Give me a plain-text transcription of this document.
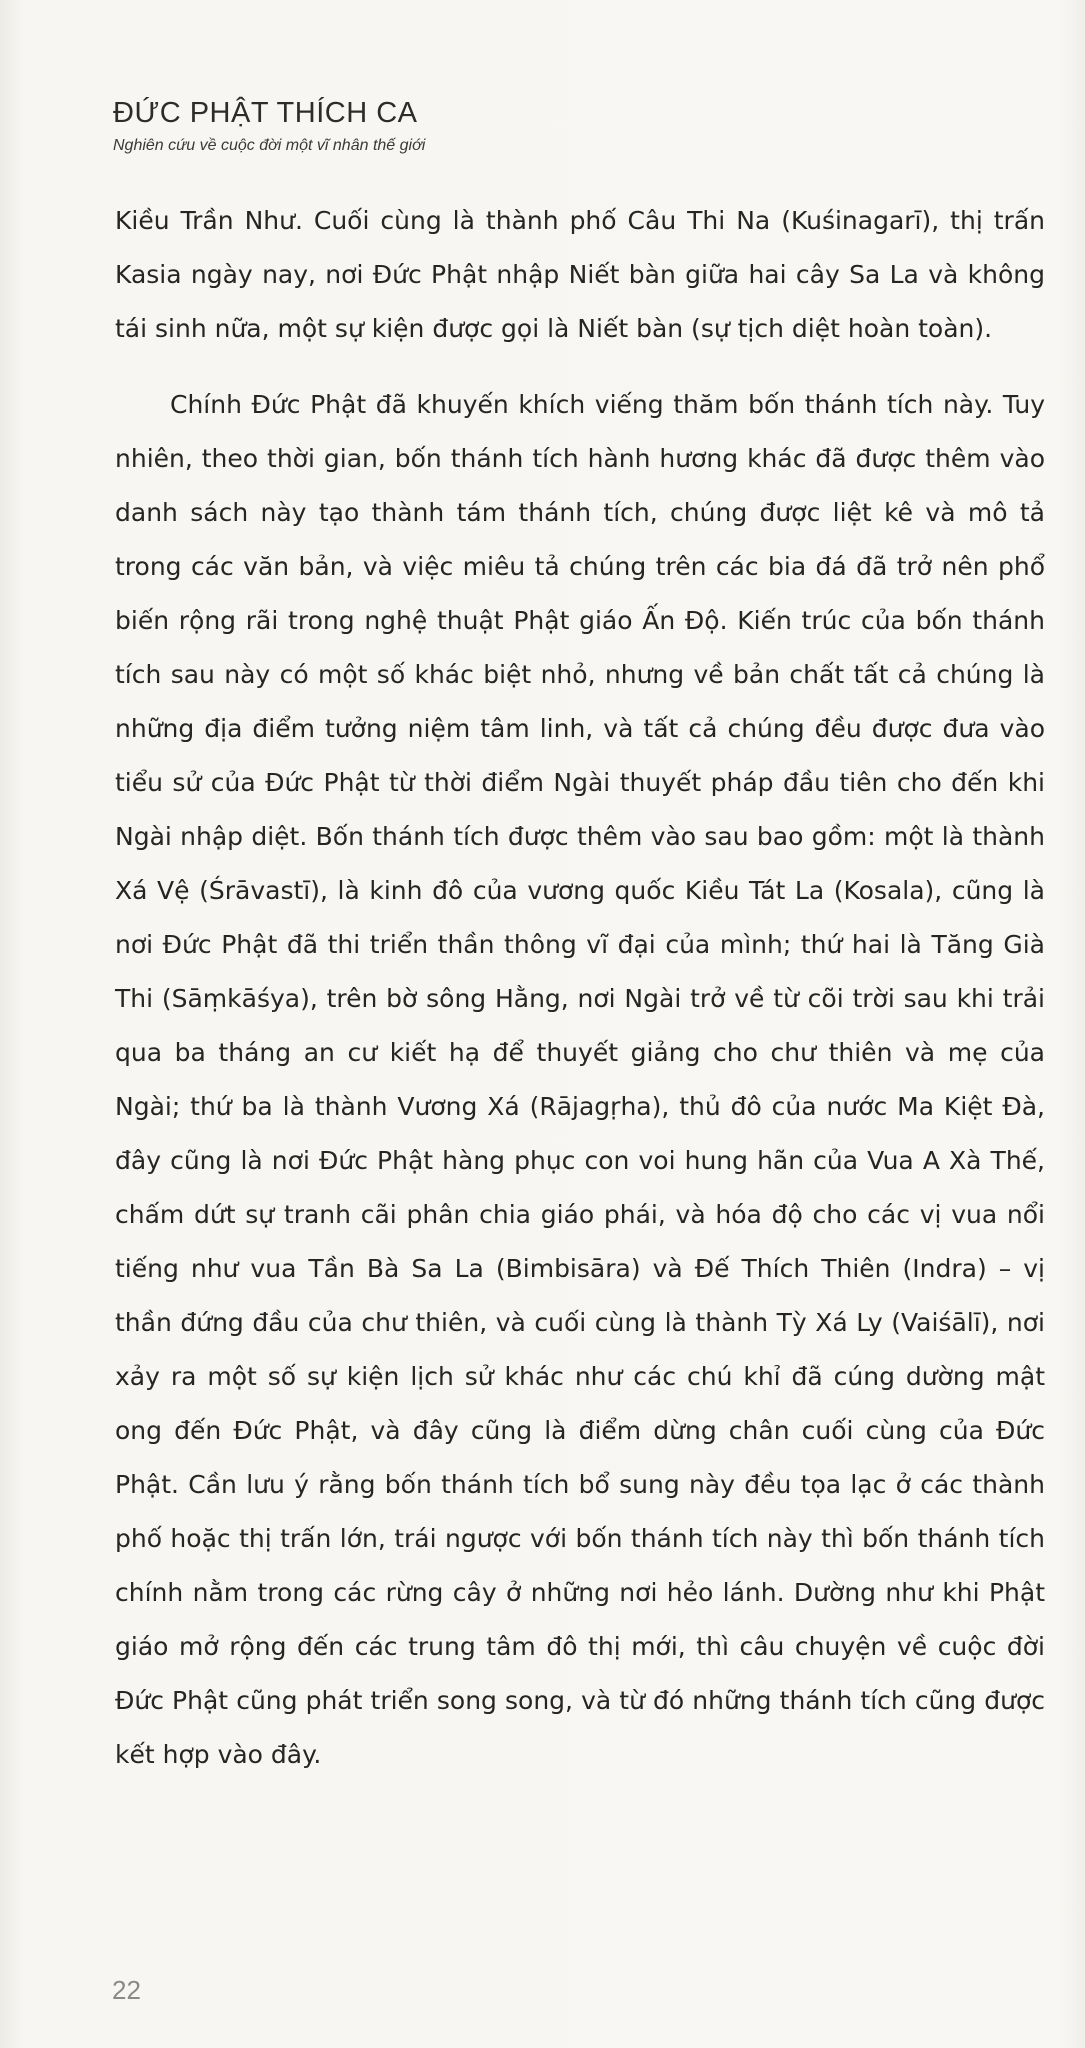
ĐỨC PHẬT THÍCH CA
Nghiên cứu về cuộc đời một vĩ nhân thế giới

Kiều Trần Như. Cuối cùng là thành phố Câu Thi Na (Kuśinagarī), thị trấn Kasia ngày nay, nơi Đức Phật nhập Niết bàn giữa hai cây Sa La và không tái sinh nữa, một sự kiện được gọi là Niết bàn (sự tịch diệt hoàn toàn).

Chính Đức Phật đã khuyến khích viếng thăm bốn thánh tích này. Tuy nhiên, theo thời gian, bốn thánh tích hành hương khác đã được thêm vào danh sách này tạo thành tám thánh tích, chúng được liệt kê và mô tả trong các văn bản, và việc miêu tả chúng trên các bia đá đã trở nên phổ biến rộng rãi trong nghệ thuật Phật giáo Ấn Độ. Kiến trúc của bốn thánh tích sau này có một số khác biệt nhỏ, nhưng về bản chất tất cả chúng là những địa điểm tưởng niệm tâm linh, và tất cả chúng đều được đưa vào tiểu sử của Đức Phật từ thời điểm Ngài thuyết pháp đầu tiên cho đến khi Ngài nhập diệt. Bốn thánh tích được thêm vào sau bao gồm: một là thành Xá Vệ (Śrāvastī), là kinh đô của vương quốc Kiều Tát La (Kosala), cũng là nơi Đức Phật đã thi triển thần thông vĩ đại của mình; thứ hai là Tăng Già Thi (Sāṃkāśya), trên bờ sông Hằng, nơi Ngài trở về từ cõi trời sau khi trải qua ba tháng an cư kiết hạ để thuyết giảng cho chư thiên và mẹ của Ngài; thứ ba là thành Vương Xá (Rājagṛha), thủ đô của nước Ma Kiệt Đà, đây cũng là nơi Đức Phật hàng phục con voi hung hãn của Vua A Xà Thế, chấm dứt sự tranh cãi phân chia giáo phái, và hóa độ cho các vị vua nổi tiếng như vua Tần Bà Sa La (Bimbisāra) và Đế Thích Thiên (Indra) – vị thần đứng đầu của chư thiên, và cuối cùng là thành Tỳ Xá Ly (Vaiśālī), nơi xảy ra một số sự kiện lịch sử khác như các chú khỉ đã cúng dường mật ong đến Đức Phật, và đây cũng là điểm dừng chân cuối cùng của Đức Phật. Cần lưu ý rằng bốn thánh tích bổ sung này đều tọa lạc ở các thành phố hoặc thị trấn lớn, trái ngược với bốn thánh tích này thì bốn thánh tích chính nằm trong các rừng cây ở những nơi hẻo lánh. Dường như khi Phật giáo mở rộng đến các trung tâm đô thị mới, thì câu chuyện về cuộc đời Đức Phật cũng phát triển song song, và từ đó những thánh tích cũng được kết hợp vào đây.

22
